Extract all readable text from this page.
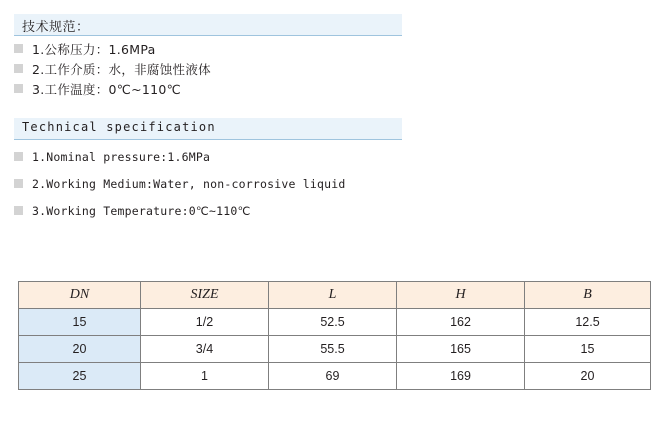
技术规范：
1.公称压力：1.6MPa
2.工作介质：水，非腐蚀性液体
3.工作温度：0℃~110℃
Technical specification
1.Nominal pressure:1.6MPa
2.Working Medium:Water, non-corrosive liquid
3.Working Temperature:0℃~110℃
DN	SIZE	L	H	B
15	1/2	52.5	162	12.5
20	3/4	55.5	165	15
25	1	69	169	20
